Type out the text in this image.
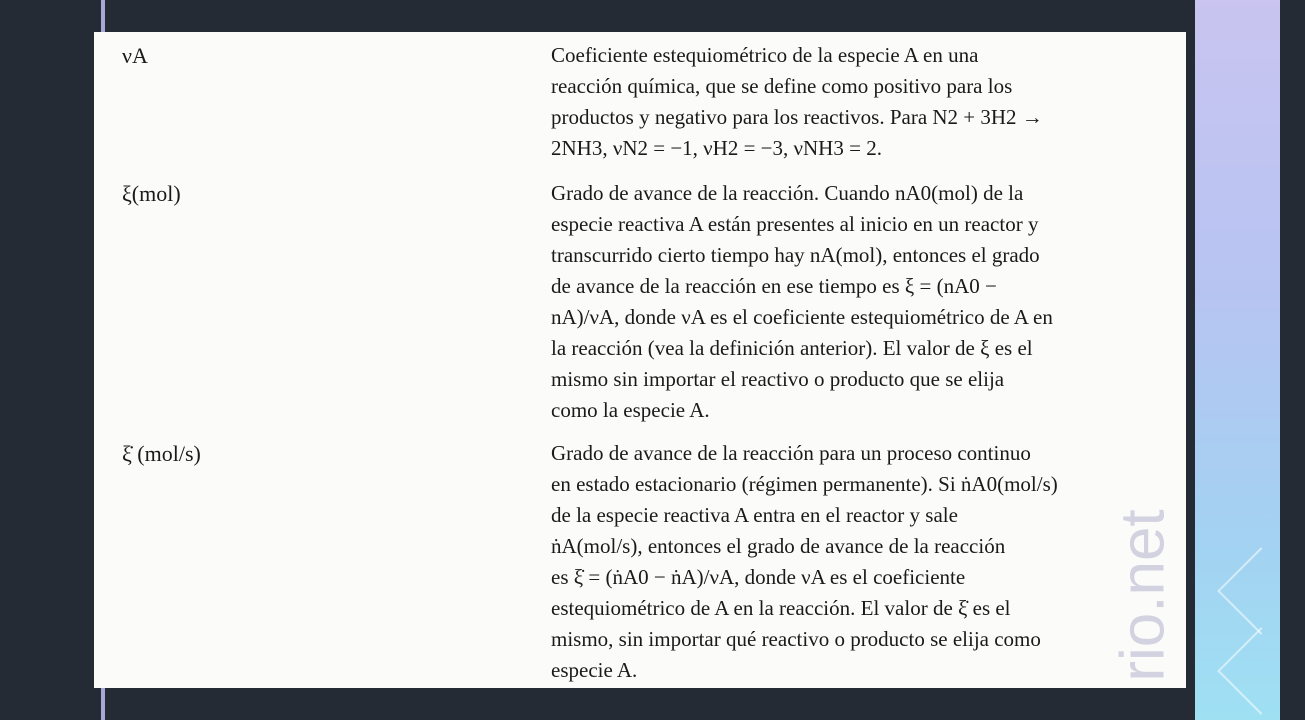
νA	Coeficiente estequiométrico de la especie A en una
reacción química, que se define como positivo para los
productos y negativo para los reactivos. Para N2 + 3H2 →
2NH3, νN2 = −1, νH2 = −3, νNH3 = 2.
ξ(mol)	Grado de avance de la reacción. Cuando nA0(mol) de la
especie reactiva A están presentes al inicio en un reactor y
transcurrido cierto tiempo hay nA(mol), entonces el grado
de avance de la reacción en ese tiempo es ξ = (nA0 −
nA)/νA, donde νA es el coeficiente estequiométrico de A en
la reacción (vea la definición anterior). El valor de ξ es el
mismo sin importar el reactivo o producto que se elija
como la especie A.
ξ̇ (mol/s)	Grado de avance de la reacción para un proceso continuo
en estado estacionario (régimen permanente). Si ṅA0(mol/s)
de la especie reactiva A entra en el reactor y sale
ṅA(mol/s), entonces el grado de avance de la reacción
es ξ̇ = (ṅA0 − ṅA)/νA, donde νA es el coeficiente
estequiométrico de A en la reacción. El valor de ξ̇ es el
mismo, sin importar qué reactivo o producto se elija como
especie A.	rio.net
